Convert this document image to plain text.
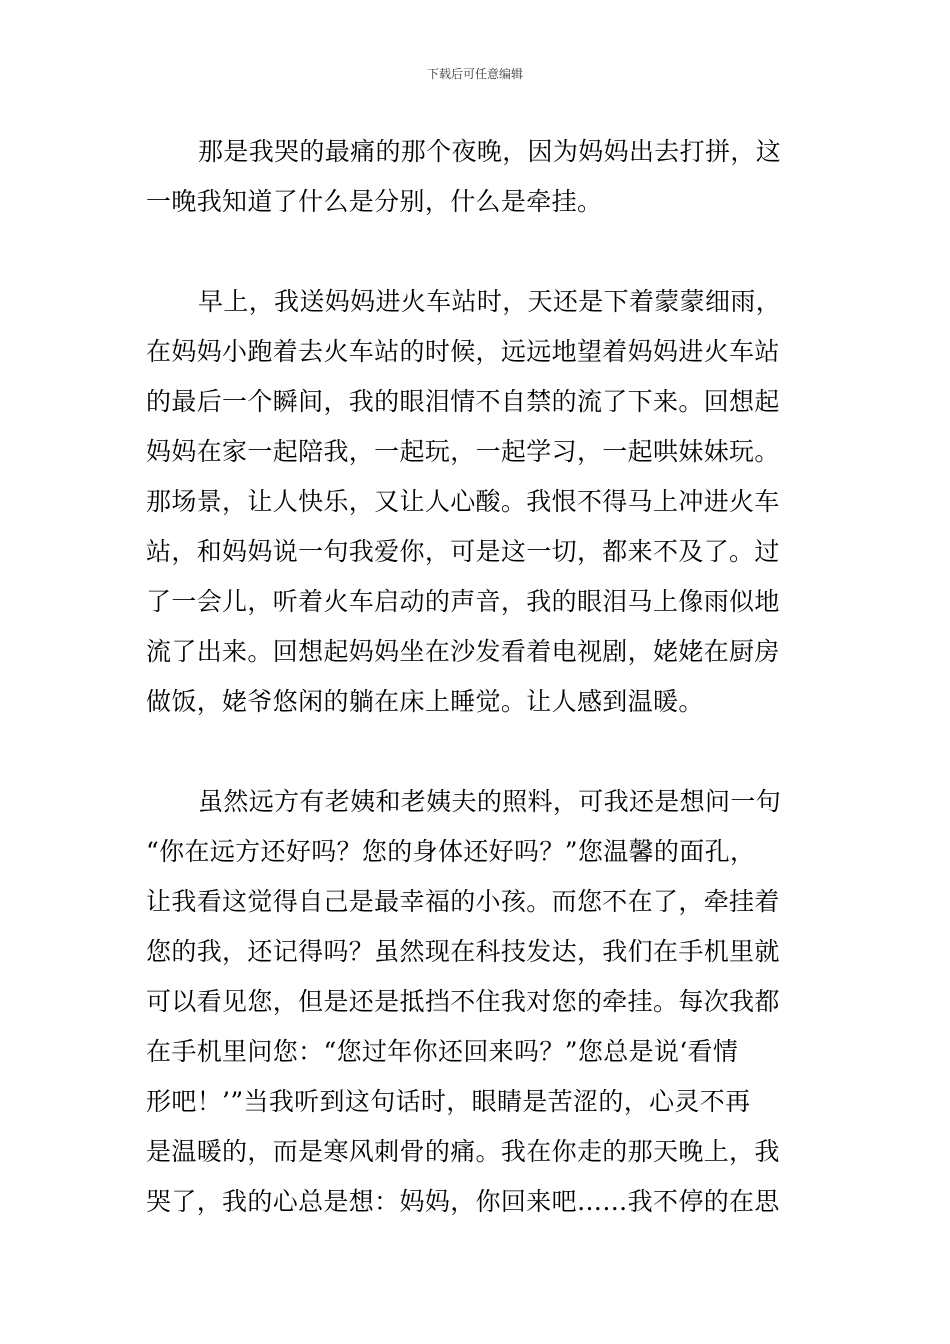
下载后可任意编辑
那是我哭的最痛的那个夜晚，因为妈妈出去打拼，这
一晚我知道了什么是分别，什么是牵挂。
早上，我送妈妈进火车站时，天还是下着蒙蒙细雨，
在妈妈小跑着去火车站的时候，远远地望着妈妈进火车站
的最后一个瞬间，我的眼泪情不自禁的流了下来。回想起
妈妈在家一起陪我，一起玩，一起学习，一起哄妹妹玩。
那场景，让人快乐，又让人心酸。我恨不得马上冲进火车
站，和妈妈说一句我爱你，可是这一切，都来不及了。过
了一会儿，听着火车启动的声音，我的眼泪马上像雨似地
流了出来。回想起妈妈坐在沙发看着电视剧，姥姥在厨房
做饭，姥爷悠闲的躺在床上睡觉。让人感到温暖。
虽然远方有老姨和老姨夫的照料，可我还是想问一句
“你在远方还好吗？您的身体还好吗？”您温馨的面孔，
让我看这觉得自己是最幸福的小孩。而您不在了，牵挂着
您的我，还记得吗？虽然现在科技发达，我们在手机里就
可以看见您，但是还是抵挡不住我对您的牵挂。每次我都
在手机里问您：“您过年你还回来吗？”您总是说‘看情
形吧！’”当我听到这句话时，眼睛是苦涩的，心灵不再
是温暖的，而是寒风刺骨的痛。我在你走的那天晚上，我
哭了，我的心总是想：妈妈，你回来吧……我不停的在思
